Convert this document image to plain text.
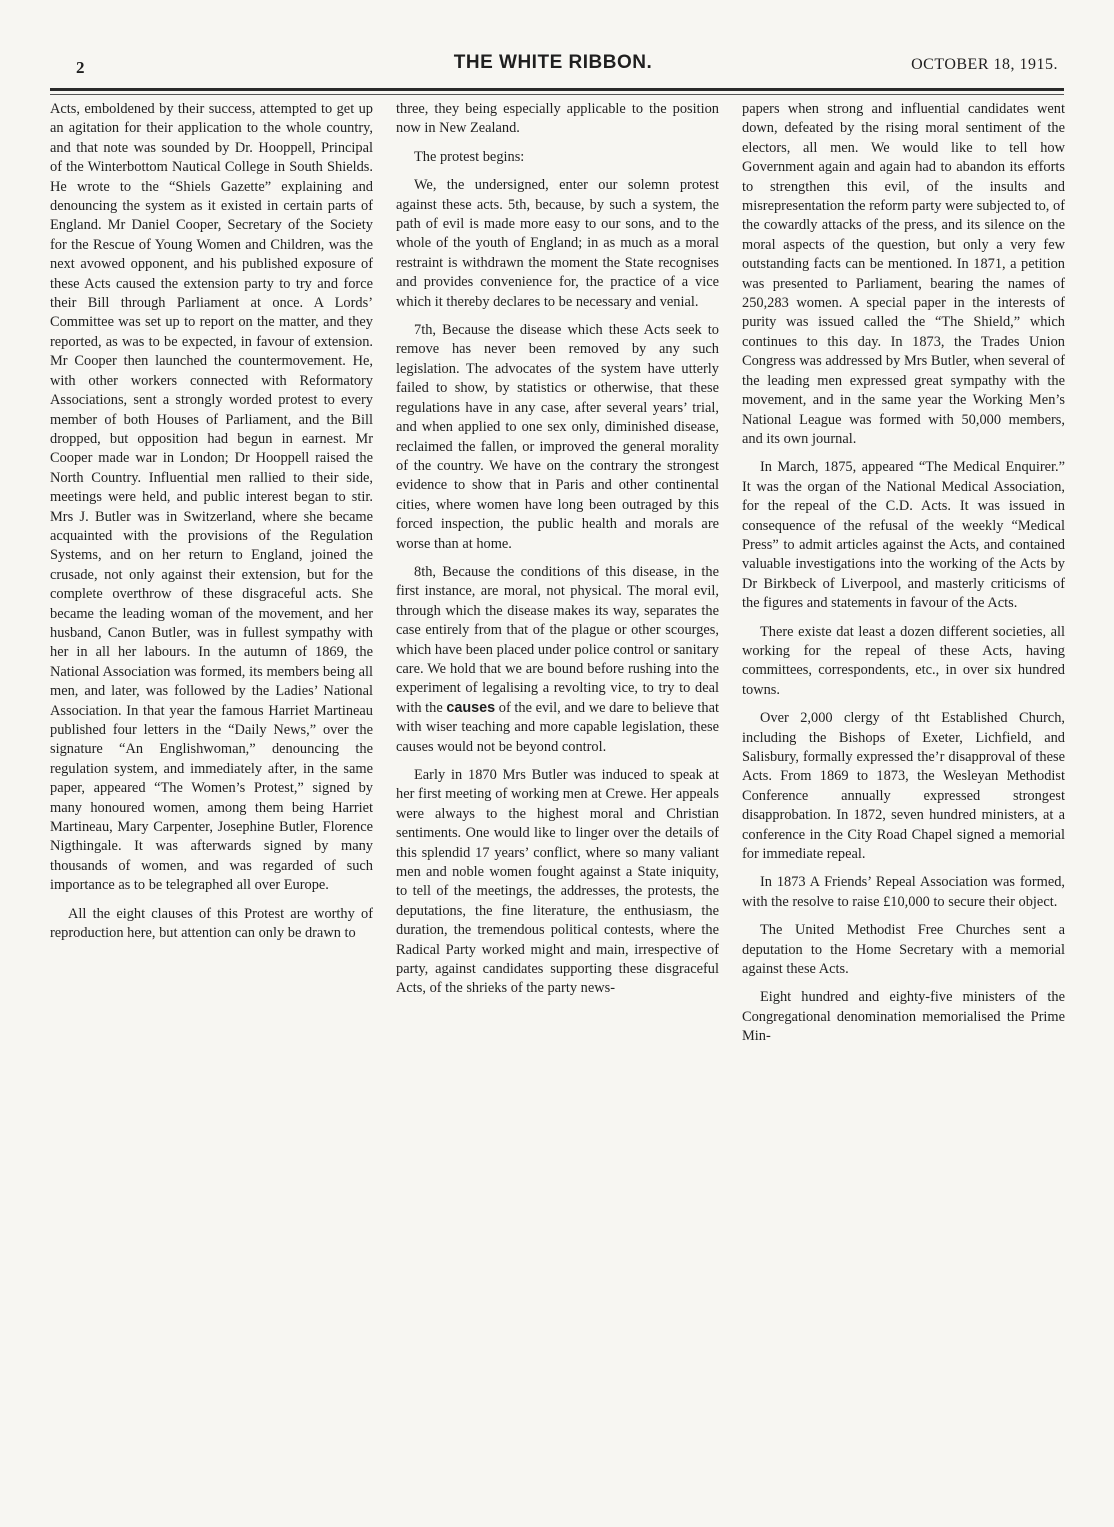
2	THE WHITE RIBBON.	OCTOBER 18, 1915.

Acts, emboldened by their success, attempted to get up an agitation for their application to the whole country, and that note was sounded by Dr. Hooppell, Principal of the Winterbottom Nautical College in South Shields. He wrote to the “Shiels Gazette” explaining and denouncing the system as it existed in certain parts of England. Mr Daniel Cooper, Secretary of the Society for the Rescue of Young Women and Children, was the next avowed opponent, and his published exposure of these Acts caused the extension party to try and force their Bill through Parliament at once. A Lords’ Committee was set up to report on the matter, and they reported, as was to be expected, in favour of extension. Mr Cooper then launched the countermovement. He, with other workers connected with Reformatory Associations, sent a strongly worded protest to every member of both Houses of Parliament, and the Bill dropped, but opposition had begun in earnest. Mr Cooper made war in London; Dr Hooppell raised the North Country. Influential men rallied to their side, meetings were held, and public interest began to stir. Mrs J. Butler was in Switzerland, where she became acquainted with the provisions of the Regulation Systems, and on her return to England, joined the crusade, not only against their extension, but for the complete overthrow of these disgraceful acts. She became the leading woman of the movement, and her husband, Canon Butler, was in fullest sympathy with her in all her labours. In the autumn of 1869, the National Association was formed, its members being all men, and later, was followed by the Ladies’ National Association. In that year the famous Harriet Martineau published four letters in the “Daily News,” over the signature “An Englishwoman,” denouncing the regulation system, and immediately after, in the same paper, appeared “The Women’s Protest,” signed by many honoured women, among them being Harriet Martineau, Mary Carpenter, Josephine Butler, Florence Nigthingale. It was afterwards signed by many thousands of women, and was regarded of such importance as to be telegraphed all over Europe.

All the eight clauses of this Protest are worthy of reproduction here, but attention can only be drawn to

three, they being especially applicable to the position now in New Zealand.

The protest begins:

We, the undersigned, enter our solemn protest against these acts. 5th, because, by such a system, the path of evil is made more easy to our sons, and to the whole of the youth of England; in as much as a moral restraint is withdrawn the moment the State recognises and provides convenience for, the practice of a vice which it thereby declares to be necessary and venial.

7th, Because the disease which these Acts seek to remove has never been removed by any such legislation. The advocates of the system have utterly failed to show, by statistics or otherwise, that these regulations have in any case, after several years’ trial, and when applied to one sex only, diminished disease, reclaimed the fallen, or improved the general morality of the country. We have on the contrary the strongest evidence to show that in Paris and other continental cities, where women have long been outraged by this forced inspection, the public health and morals are worse than at home.

8th, Because the conditions of this disease, in the first instance, are moral, not physical. The moral evil, through which the disease makes its way, separates the case entirely from that of the plague or other scourges, which have been placed under police control or sanitary care. We hold that we are bound before rushing into the experiment of legalising a revolting vice, to try to deal with the causes of the evil, and we dare to believe that with wiser teaching and more capable legislation, these causes would not be beyond control.

Early in 1870 Mrs Butler was induced to speak at her first meeting of working men at Crewe. Her appeals were always to the highest moral and Christian sentiments. One would like to linger over the details of this splendid 17 years’ conflict, where so many valiant men and noble women fought against a State iniquity, to tell of the meetings, the addresses, the protests, the deputations, the fine literature, the enthusiasm, the duration, the tremendous political contests, where the Radical Party worked might and main, irrespective of party, against candidates supporting these disgraceful Acts, of the shrieks of the party news-

papers when strong and influential candidates went down, defeated by the rising moral sentiment of the electors, all men. We would like to tell how Government again and again had to abandon its efforts to strengthen this evil, of the insults and misrepresentation the reform party were subjected to, of the cowardly attacks of the press, and its silence on the moral aspects of the question, but only a very few outstanding facts can be mentioned. In 1871, a petition was presented to Parliament, bearing the names of 250,283 women. A special paper in the interests of purity was issued called the “The Shield,” which continues to this day. In 1873, the Trades Union Congress was addressed by Mrs Butler, when several of the leading men expressed great sympathy with the movement, and in the same year the Working Men’s National League was formed with 50,000 members, and its own journal.

In March, 1875, appeared “The Medical Enquirer.” It was the organ of the National Medical Association, for the repeal of the C.D. Acts. It was issued in consequence of the refusal of the weekly “Medical Press” to admit articles against the Acts, and contained valuable investigations into the working of the Acts by Dr Birkbeck of Liverpool, and masterly criticisms of the figures and statements in favour of the Acts.

There existe dat least a dozen different societies, all working for the repeal of these Acts, having committees, correspondents, etc., in over six hundred towns.

Over 2,000 clergy of tht Established Church, including the Bishops of Exeter, Lichfield, and Salisbury, formally expressed the’r disapproval of these Acts. From 1869 to 1873, the Wesleyan Methodist Conference annually expressed strongest disapprobation. In 1872, seven hundred ministers, at a conference in the City Road Chapel signed a memorial for immediate repeal.

In 1873 A Friends’ Repeal Association was formed, with the resolve to raise £10,000 to secure their object.

The United Methodist Free Churches sent a deputation to the Home Secretary with a memorial against these Acts.

Eight hundred and eighty-five ministers of the Congregational denomination memorialised the Prime Min-
